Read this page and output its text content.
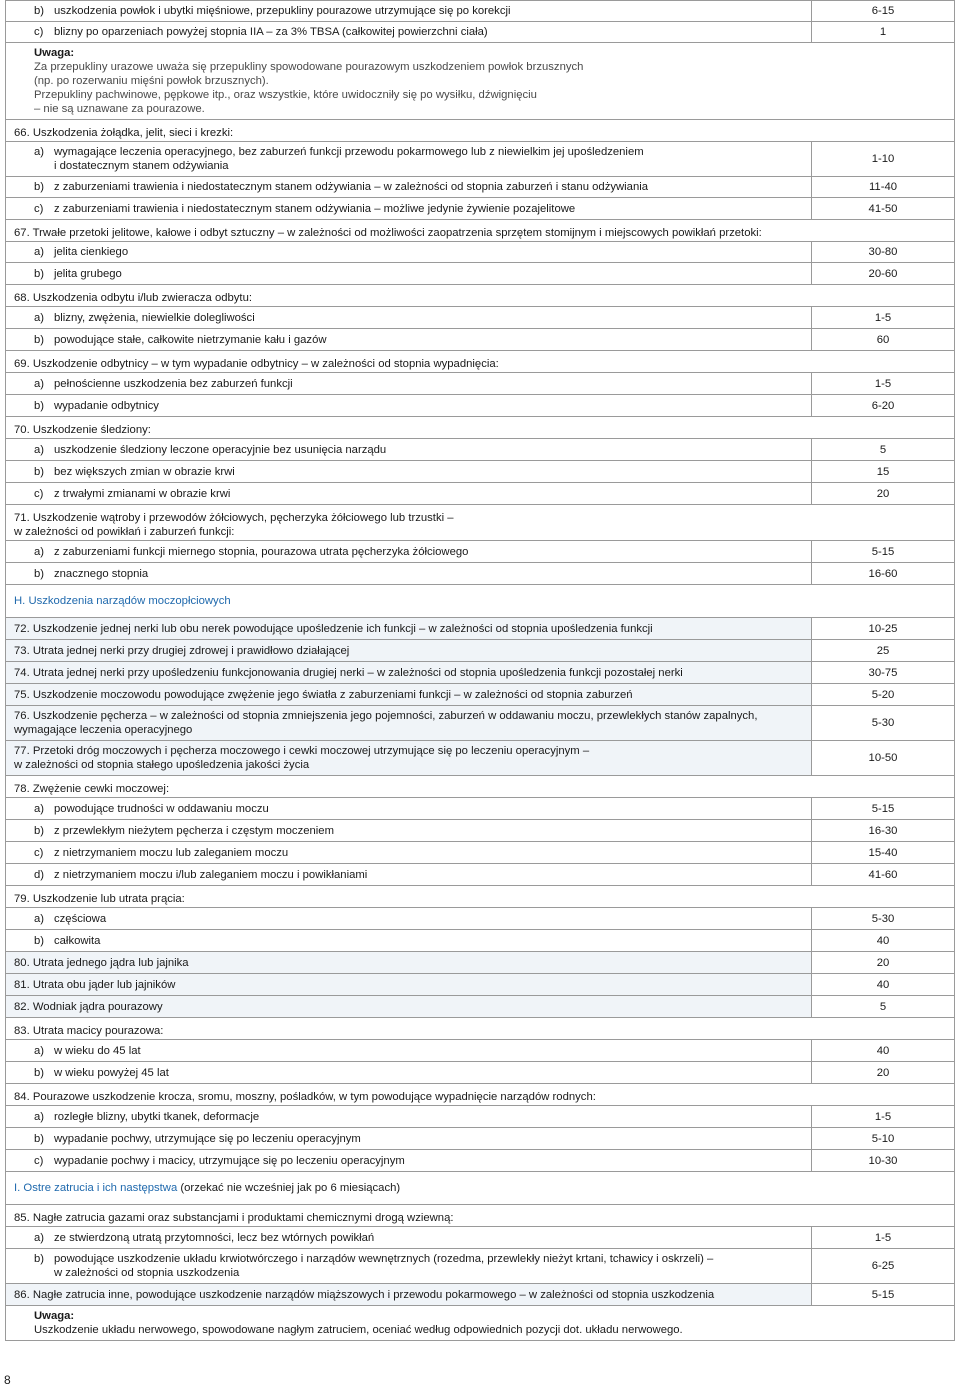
b) uszkodzenia powłok i ubytki mięśniowe, przepukliny pourazowe utrzymujące się po korekcji	6-15
c) blizny po oparzeniach powyżej stopnia IIA – za 3% TBSA (całkowitej powierzchni ciała)	1

Uwaga:
Za przepukliny urazowe uważa się przepukliny spowodowane pourazowym uszkodzeniem powłok brzusznych
(np. po rozerwaniu mięśni powłok brzusznych).
Przepukliny pachwinowe, pępkowe itp., oraz wszystkie, które uwidoczniły się po wysiłku, dźwignięciu
– nie są uznawane za pourazowe.	

66. Uszkodzenia żołądka, jelit, sieci i krezki:	
a) wymagające leczenia operacyjnego, bez zaburzeń funkcji przewodu pokarmowego lub z niewielkim jej upośledzeniem
i dostatecznym stanem odżywiania	1-10
b) z zaburzeniami trawienia i niedostatecznym stanem odżywiania – w zależności od stopnia zaburzeń i stanu odżywiania	11-40
c) z zaburzeniami trawienia i niedostatecznym stanem odżywiania – możliwe jedynie żywienie pozajelitowe	41-50
67. Trwałe przetoki jelitowe, kałowe i odbyt sztuczny – w zależności od możliwości zaopatrzenia sprzętem stomijnym i miejscowych powikłań przetoki:	
a) jelita cienkiego	30-80
b) jelita grubego	20-60
68. Uszkodzenia odbytu i/lub zwieracza odbytu:	
a) blizny, zwężenia, niewielkie dolegliwości	1-5
b) powodujące stałe, całkowite nietrzymanie kału i gazów	60
69. Uszkodzenie odbytnicy – w tym wypadanie odbytnicy – w zależności od stopnia wypadnięcia:	
a) pełnościenne uszkodzenia bez zaburzeń funkcji	1-5
b) wypadanie odbytnicy	6-20
70. Uszkodzenie śledziony:	
a) uszkodzenie śledziony leczone operacyjnie bez usunięcia narządu	5
b) bez większych zmian w obrazie krwi	15
c) z trwałymi zmianami w obrazie krwi	20
71. Uszkodzenie wątroby i przewodów żółciowych, pęcherzyka żółciowego lub trzustki –
w zależności od powikłań i zaburzeń funkcji:	

a) z zaburzeniami funkcji miernego stopnia, pourazowa utrata pęcherzyka żółciowego	5-15
b) znacznego stopnia	16-60
H. Uszkodzenia narządów moczopłciowych	
72. Uszkodzenie jednej nerki lub obu nerek powodujące upośledzenie ich funkcji – w zależności od stopnia upośledzenia funkcji	10-25
73. Utrata jednej nerki przy drugiej zdrowej i prawidłowo działającej	25
74. Utrata jednej nerki przy upośledzeniu funkcjonowania drugiej nerki – w zależności od stopnia upośledzenia funkcji pozostałej nerki	30-75
75. Uszkodzenie moczowodu powodujące zwężenie jego światła z zaburzeniami funkcji – w zależności od stopnia zaburzeń	5-20
76. Uszkodzenie pęcherza – w zależności od stopnia zmniejszenia jego pojemności, zaburzeń w oddawaniu moczu, przewlekłych stanów zapalnych,
wymagające leczenia operacyjnego	5-30
77. Przetoki dróg moczowych i pęcherza moczowego i cewki moczowej utrzymujące się po leczeniu operacyjnym –
w zależności od stopnia stałego upośledzenia jakości życia	10-50
78. Zwężenie cewki moczowej:	
a) powodujące trudności w oddawaniu moczu	5-15
b) z przewlekłym nieżytem pęcherza i częstym moczeniem	16-30
c) z nietrzymaniem moczu lub zaleganiem moczu	15-40
d) z nietrzymaniem moczu i/lub zaleganiem moczu i powikłaniami	41-60
79. Uszkodzenie lub utrata prącia:	
a) częściowa	5-30
b) całkowita	40
80. Utrata jednego jądra lub jajnika	20
81. Utrata obu jąder lub jajników	40
82. Wodniak jądra pourazowy	5
83. Utrata macicy pourazowa:	
a) w wieku do 45 lat	40
b) w wieku powyżej 45 lat	20
84. Pourazowe uszkodzenie krocza, sromu, moszny, pośladków, w tym powodujące wypadnięcie narządów rodnych:	
a) rozległe blizny, ubytki tkanek, deformacje	1-5
b) wypadanie pochwy, utrzymujące się po leczeniu operacyjnym	5-10
c) wypadanie pochwy i macicy, utrzymujące się po leczeniu operacyjnym	10-30
I. Ostre zatrucia i ich następstwa (orzekać nie wcześniej jak po 6 miesiącach)	
85. Nagłe zatrucia gazami oraz substancjami i produktami chemicznymi drogą wziewną:	
a) ze stwierdzoną utratą przytomności, lecz bez wtórnych powikłań	1-5
b) powodujące uszkodzenie układu krwiotwórczego i narządów wewnętrznych (rozedma, przewlekły nieżyt krtani, tchawicy i oskrzeli) –
w zależności od stopnia uszkodzenia	6-25
86. Nagłe zatrucia inne, powodujące uszkodzenie narządów miąższowych i przewodu pokarmowego – w zależności od stopnia uszkodzenia	5-15

Uwaga:
Uszkodzenie układu nerwowego, spowodowane nagłym zatruciem, oceniać według odpowiednich pozycji dot. układu nerwowego.	
8
